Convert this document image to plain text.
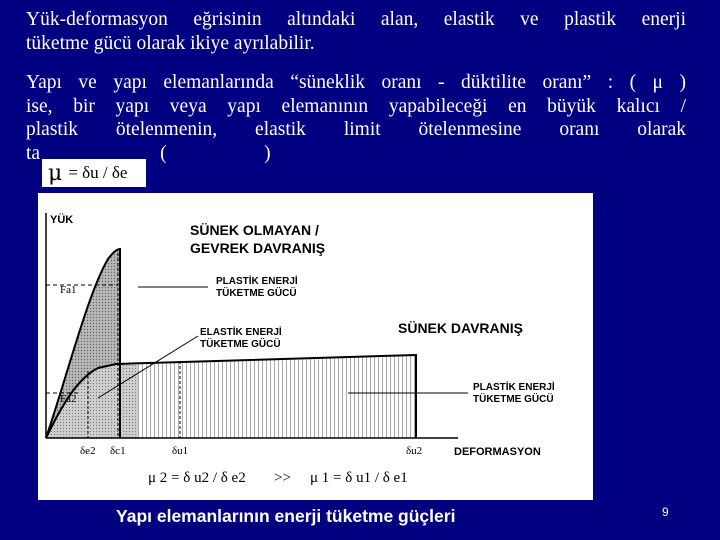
Yük-deformasyon eğrisinin altındaki alan, elastik ve plastik enerji
tüketme gücü olarak ikiye ayrılabilir.
Yapı ve yapı elemanlarında “süneklik oranı - düktilite oranı” : ( μ )
ise, bir yapı veya yapı elemanının yapabileceği en büyük kalıcı /
plastik ötelenmenin, elastik limit ötelenmesine oranı olarak
ta	(                    )
μ = δu / δe
YÜK
DEFORMASYON
Fa1
Fa2
SÜNEK OLMAYAN /
GEVREK DAVRANIŞ
PLASTİK ENERJİ
TÜKETME GÜCÜ
ELASTİK ENERJİ
TÜKETME GÜCÜ
SÜNEK DAVRANIŞ
PLASTİK ENERJİ
TÜKETME GÜCÜ
δe2 δc1	δu1	δu2
μ 2 = δ u2 / δ e2 >> μ 1 = δ u1 / δ e1
Yapı elemanlarının enerji tüketme güçleri	9
